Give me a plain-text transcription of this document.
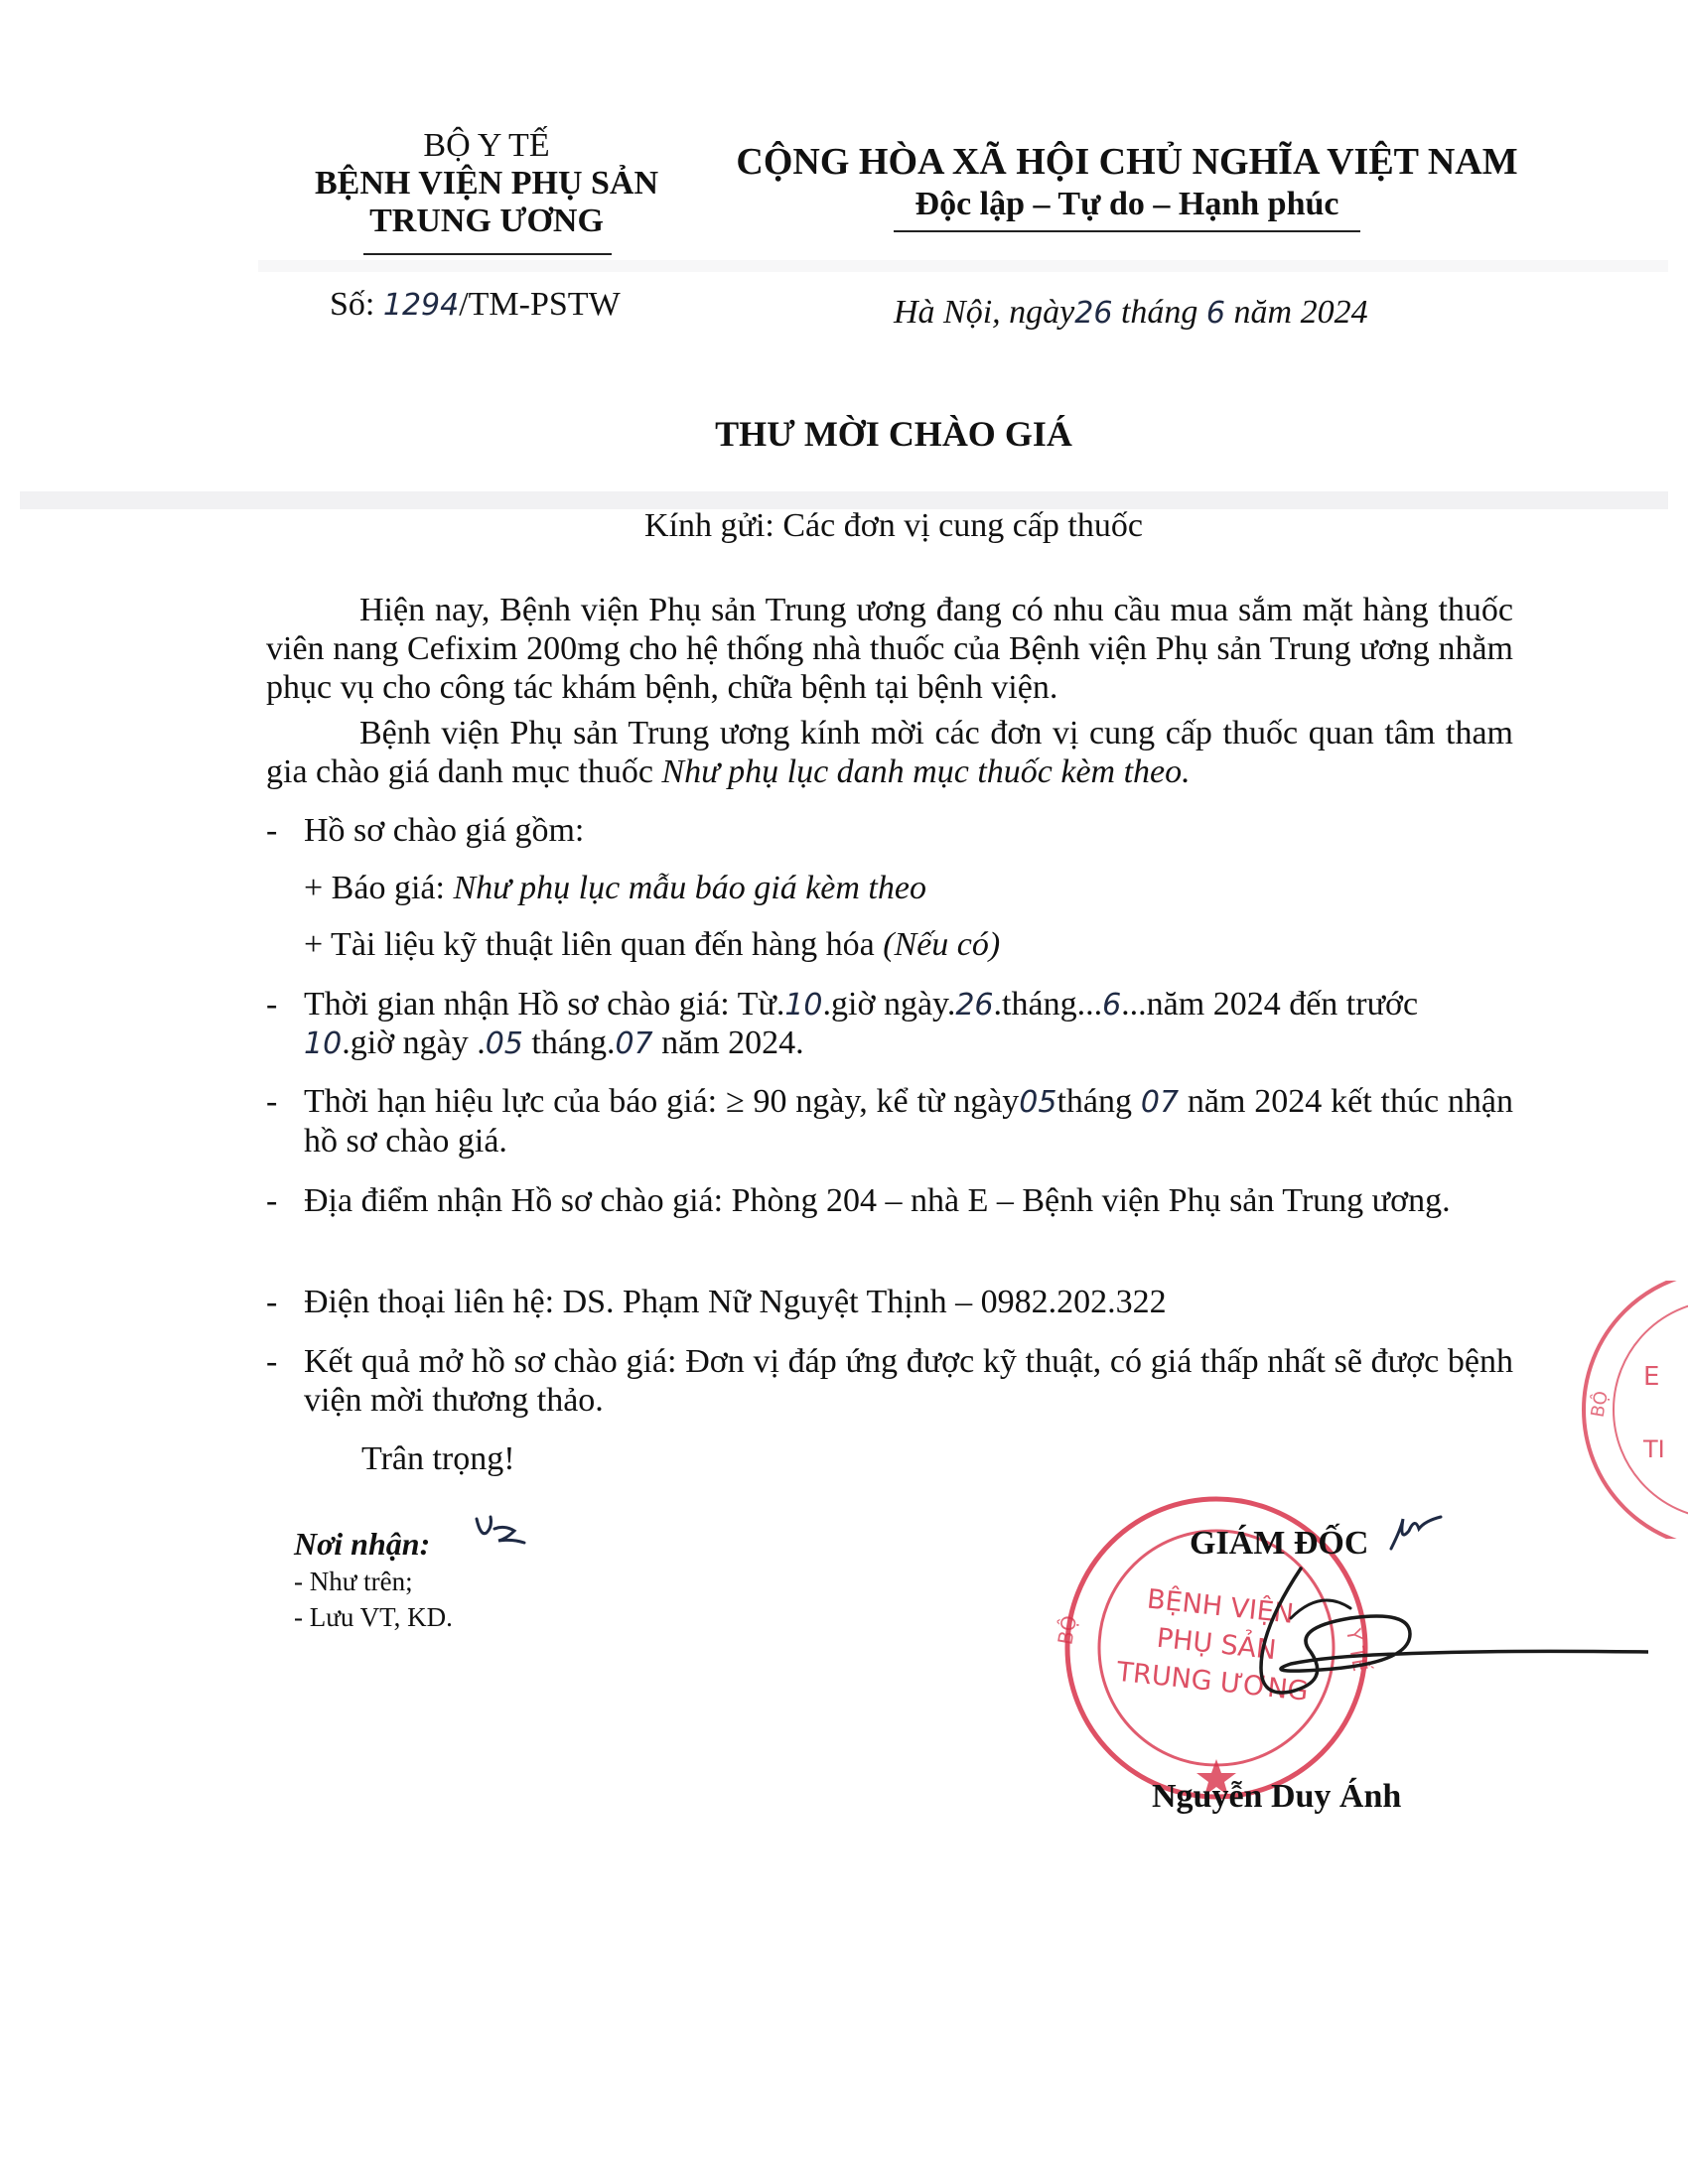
BỘ Y TẾ
BỆNH VIỆN PHỤ SẢN
TRUNG ƯƠNG
Số: 1294/TM-PSTW
CỘNG HÒA XÃ HỘI CHỦ NGHĨA VIỆT NAM
Độc lập – Tự do – Hạnh phúc
Hà Nội, ngày26 tháng 6 năm 2024
THƯ MỜI CHÀO GIÁ
Kính gửi: Các đơn vị cung cấp thuốc
Hiện nay, Bệnh viện Phụ sản Trung ương đang có nhu cầu mua sắm mặt hàng thuốc viên nang Cefixim 200mg cho hệ thống nhà thuốc của Bệnh viện Phụ sản Trung ương nhằm phục vụ cho công tác khám bệnh, chữa bệnh tại bệnh viện.
Bệnh viện Phụ sản Trung ương kính mời các đơn vị cung cấp thuốc quan tâm tham gia chào giá danh mục thuốc Như phụ lục danh mục thuốc kèm theo.
- Hồ sơ chào giá gồm:
+ Báo giá: Như phụ lục mẫu báo giá kèm theo
+ Tài liệu kỹ thuật liên quan đến hàng hóa (Nếu có)
- Thời gian nhận Hồ sơ chào giá: Từ.10.giờ ngày.26.tháng...6...năm 2024 đến trước
10.giờ ngày .05 tháng.07 năm 2024.
- Thời hạn hiệu lực của báo giá: ≥ 90 ngày, kể từ ngày05tháng 07 năm 2024 kết thúc nhận hồ sơ chào giá.
- Địa điểm nhận Hồ sơ chào giá: Phòng 204 – nhà E – Bệnh viện Phụ sản Trung ương.
- Điện thoại liên hệ: DS. Phạm Nữ Nguyệt Thịnh – 0982.202.322
- Kết quả mở hồ sơ chào giá: Đơn vị đáp ứng được kỹ thuật, có giá thấp nhất sẽ được bệnh viện mời thương thảo.
Trân trọng!
Nơi nhận:
- Như trên;
- Lưu VT, KD.
E
BỘ
TI
BỆNH VIỆN
PHỤ SẢN
TRUNG ƯƠNG
BỘ	Y TẾ
GIÁM ĐỐC
Nguyễn Duy Ánh
